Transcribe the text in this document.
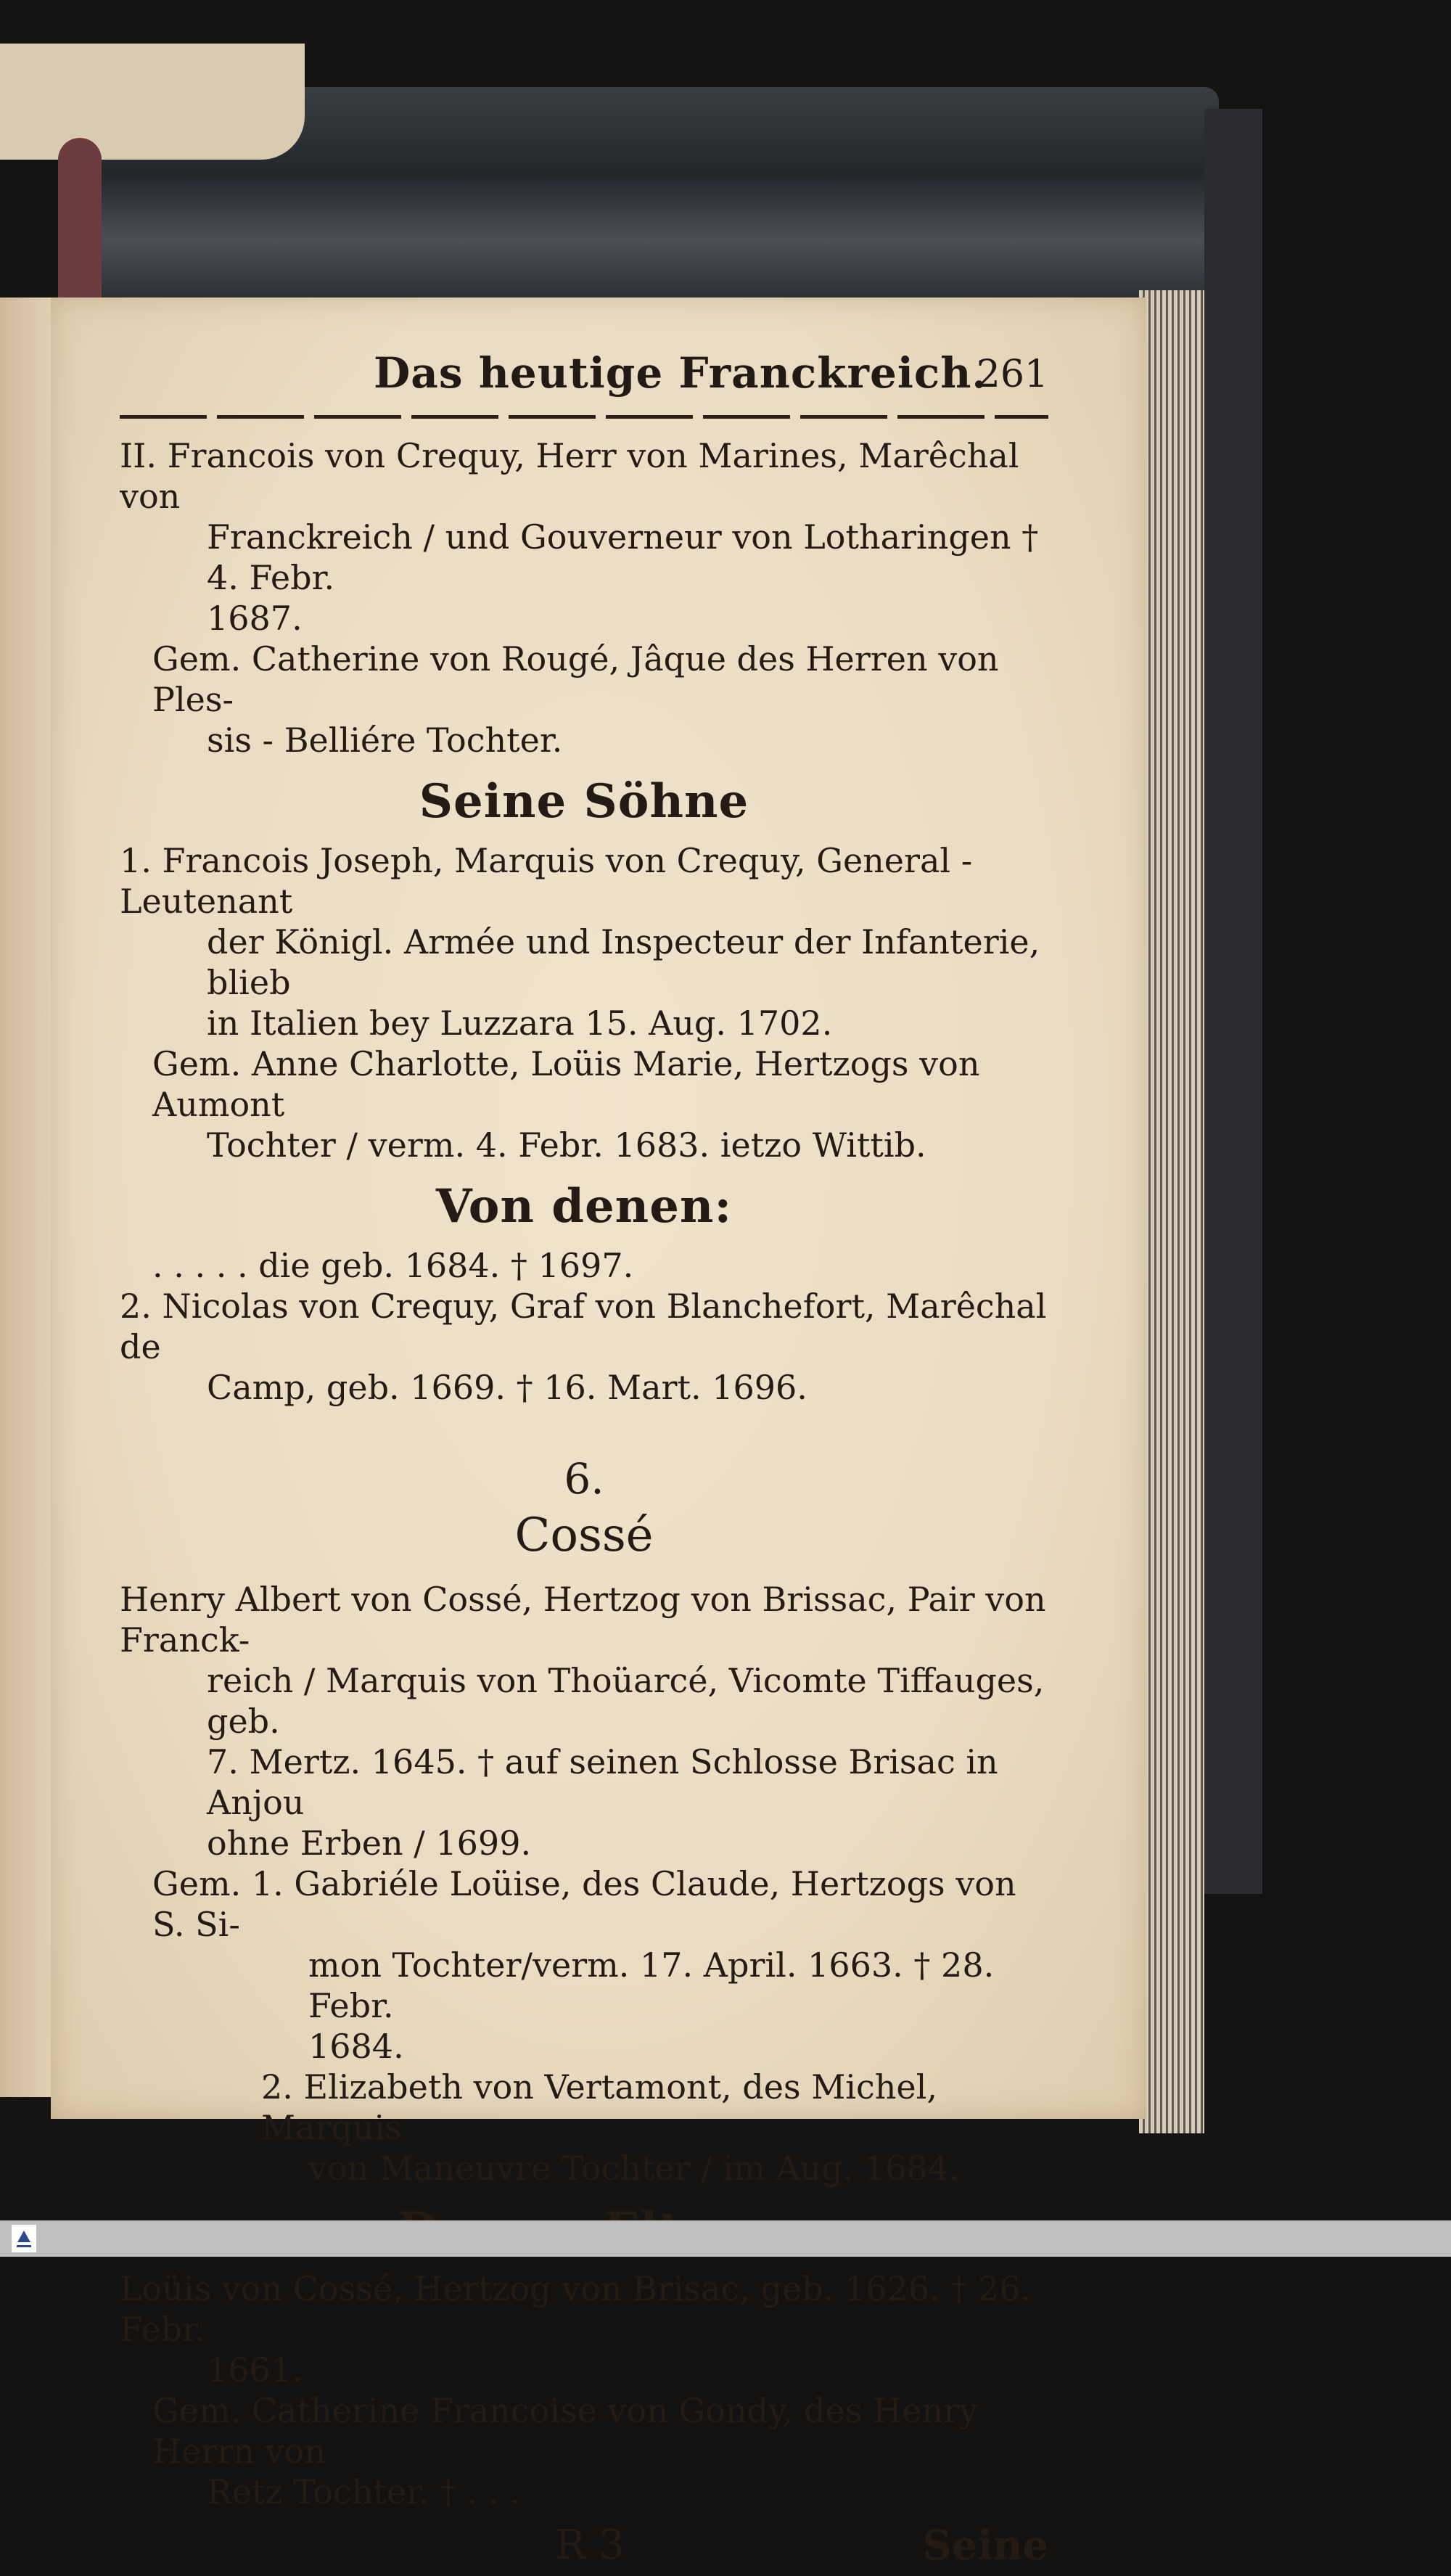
Das heutige Franckreich.
261

II. Francois von Crequy, Herr von Marines, Marêchal von

Franckreich / und Gouverneur von Lotharingen † 4. Febr.

1687.

Gem. Catherine von Rougé, Jâque des Herren von Ples-

sis - Belliére Tochter.

Seine Söhne

1. Francois Joseph, Marquis von Crequy, General - Leutenant

der Königl. Armée und Inspecteur der Infanterie, blieb

in Italien bey Luzzara 15. Aug. 1702.

Gem. Anne Charlotte, Loüis Marie, Hertzogs von Aumont

Tochter / verm. 4. Febr. 1683. ietzo Wittib.

Von denen:

. . . . . die geb. 1684. † 1697.

2. Nicolas von Crequy, Graf von Blanchefort, Marêchal de

Camp, geb. 1669. † 16. Mart. 1696.

6.
Cossé

Henry Albert von Cossé, Hertzog von Brissac, Pair von Franck-

reich / Marquis von Thoüarcé, Vicomte Tiffauges, geb.

7. Mertz. 1645. † auf seinen Schlosse Brisac in Anjou

ohne Erben / 1699.

Gem. 1. Gabriéle Loüise, des Claude, Hertzogs von S. Si-

mon Tochter/verm. 17. April. 1663. † 28. Febr.

1684.

2. Elizabeth von Vertamont, des Michel, Marquis

von Maneuvre Tochter / im Aug. 1684.

Loüis von Cossé, Hertzog von Brisac, geb. 1626. † 26. Febr.

1661.

Gem. Catherine Francoise von Gondy, des Henry Herrn von

Retz Tochter. † . . .

R 3	Seine
